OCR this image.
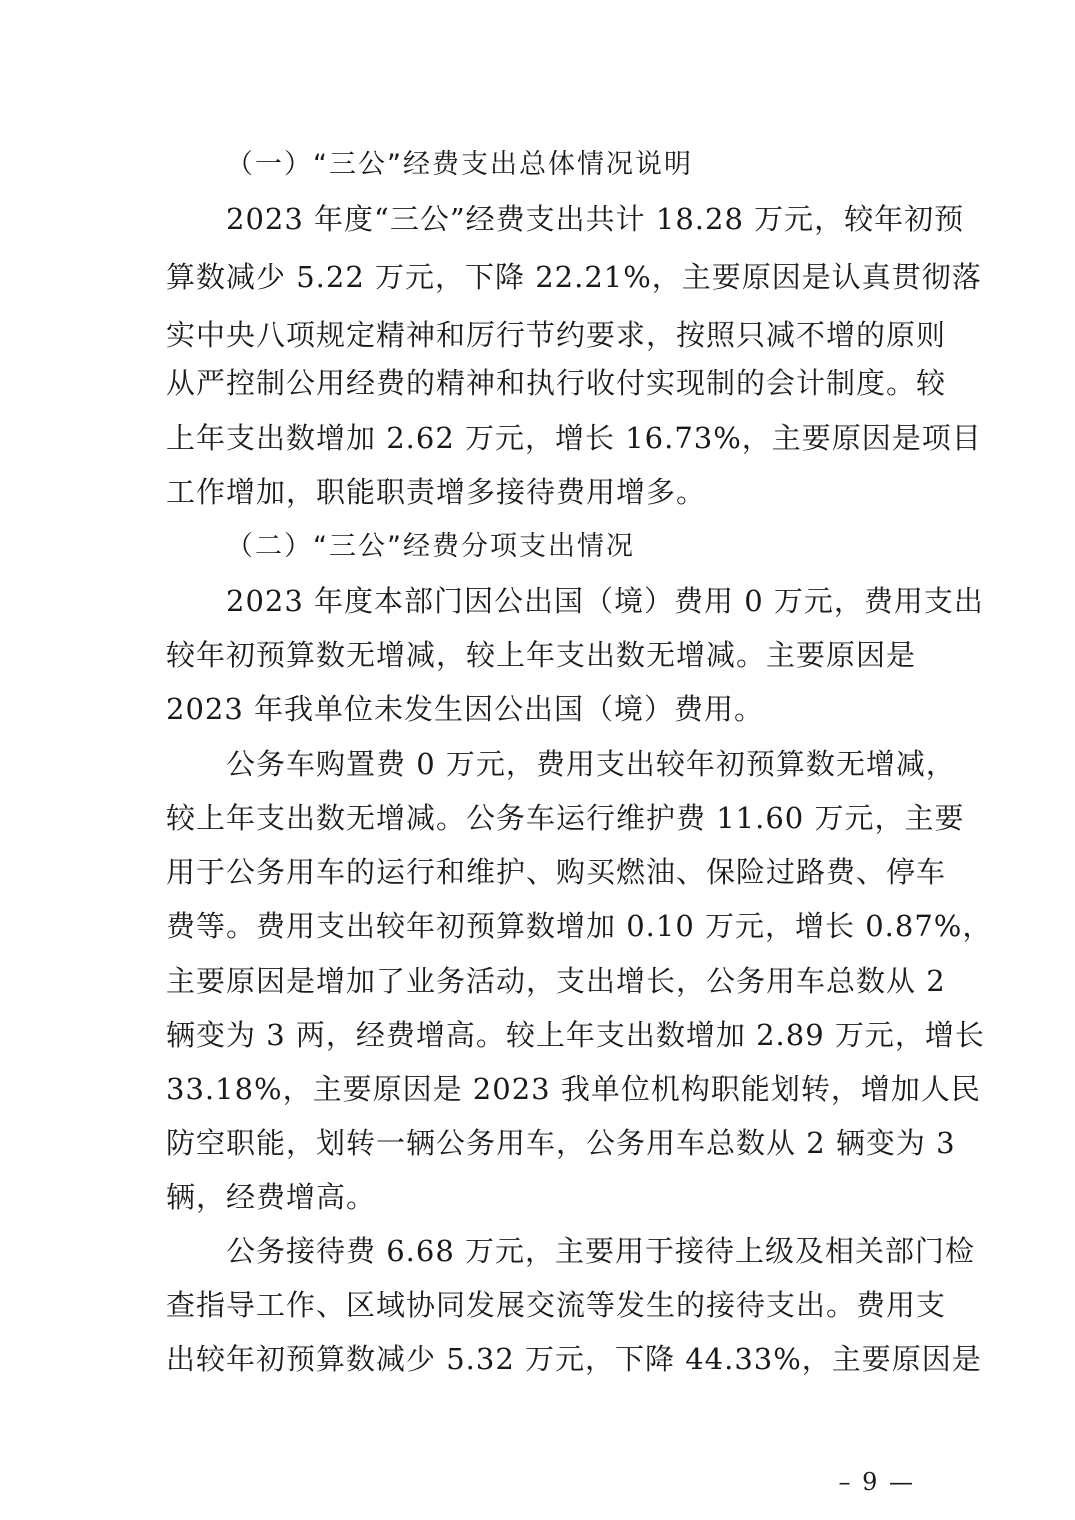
（一）“三公”经费支出总体情况说明
2023 年度“三公”经费支出共计 18.28 万元，较年初预
算数减少 5.22 万元，下降 22.21%，主要原因是认真贯彻落
实中央八项规定精神和厉行节约要求，按照只减不增的原则
从严控制公用经费的精神和执行收付实现制的会计制度。较
上年支出数增加 2.62 万元，增长 16.73%，主要原因是项目
工作增加，职能职责增多接待费用增多。
（二）“三公”经费分项支出情况
2023 年度本部门因公出国（境）费用 0 万元，费用支出
较年初预算数无增减，较上年支出数无增减。主要原因是
2023 年我单位未发生因公出国（境）费用。
公务车购置费 0 万元，费用支出较年初预算数无增减，
较上年支出数无增减。公务车运行维护费 11.60 万元，主要
用于公务用车的运行和维护、购买燃油、保险过路费、停车
费等。费用支出较年初预算数增加 0.10 万元，增长 0.87%，
主要原因是增加了业务活动，支出增长，公务用车总数从 2
辆变为 3 两，经费增高。较上年支出数增加 2.89 万元，增长
33.18%，主要原因是 2023 我单位机构职能划转，增加人民
防空职能，划转一辆公务用车，公务用车总数从 2 辆变为 3
辆，经费增高。
公务接待费 6.68 万元，主要用于接待上级及相关部门检
查指导工作、区域协同发展交流等发生的接待支出。费用支
出较年初预算数减少 5.32 万元，下降 44.33%，主要原因是
– 9 —
